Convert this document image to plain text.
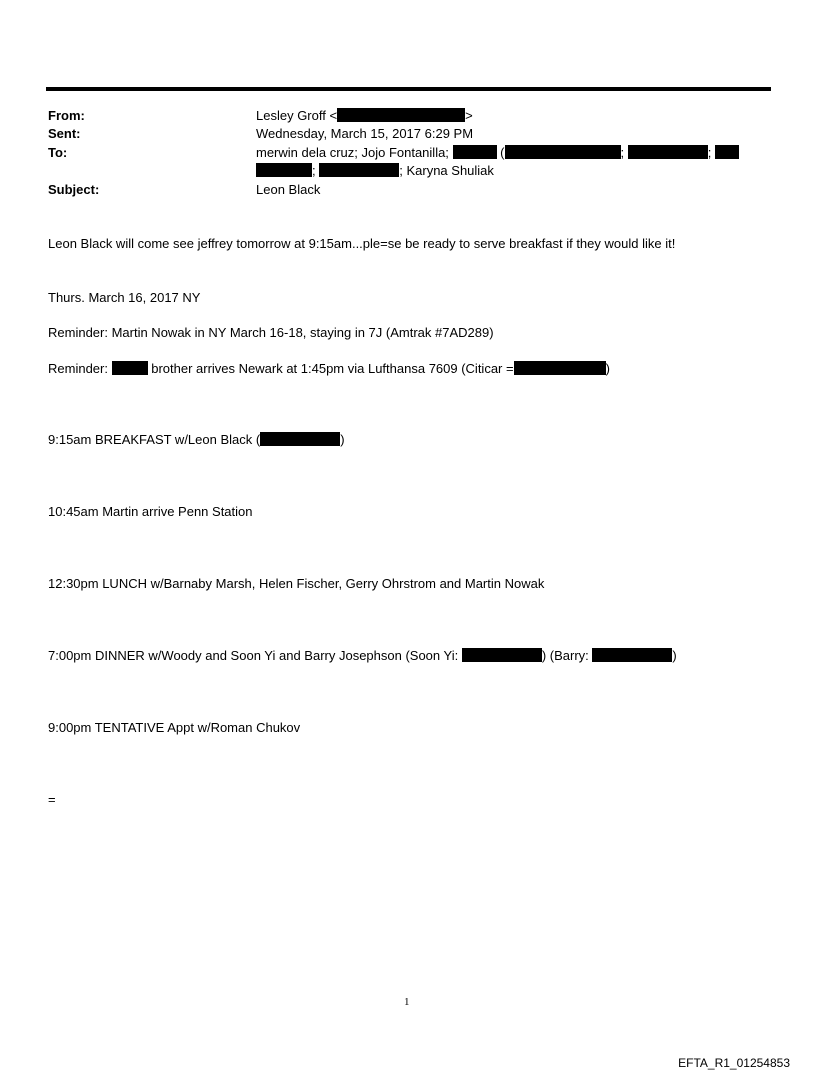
From:	Lesley Groff <	>
Sent:	Wednesday, March 15, 2017 6:29 PM
To:	merwin dela cruz; Jojo Fontanilla;	(	;	;
;	; Karyna Shuliak
Subject:	Leon Black
Leon Black will come see jeffrey tomorrow at 9:15am...ple=se be ready to serve breakfast if they would like it!
Thurs. March 16, 2017 NY
Reminder: Martin Nowak in NY March 16-18, staying in 7J (Amtrak #7AD289)
Reminder:	brother arrives Newark at 1:45pm via Lufthansa 7609 (Citicar =	)
9:15am BREAKFAST w/Leon Black (	)
10:45am Martin arrive Penn Station
12:30pm LUNCH w/Barnaby Marsh, Helen Fischer, Gerry Ohrstrom and Martin Nowak
7:00pm DINNER w/Woody and Soon Yi and Barry Josephson (Soon Yi:	) (Barry:	)
9:00pm TENTATIVE Appt w/Roman Chukov
=
1
EFTA_R1_01254853
